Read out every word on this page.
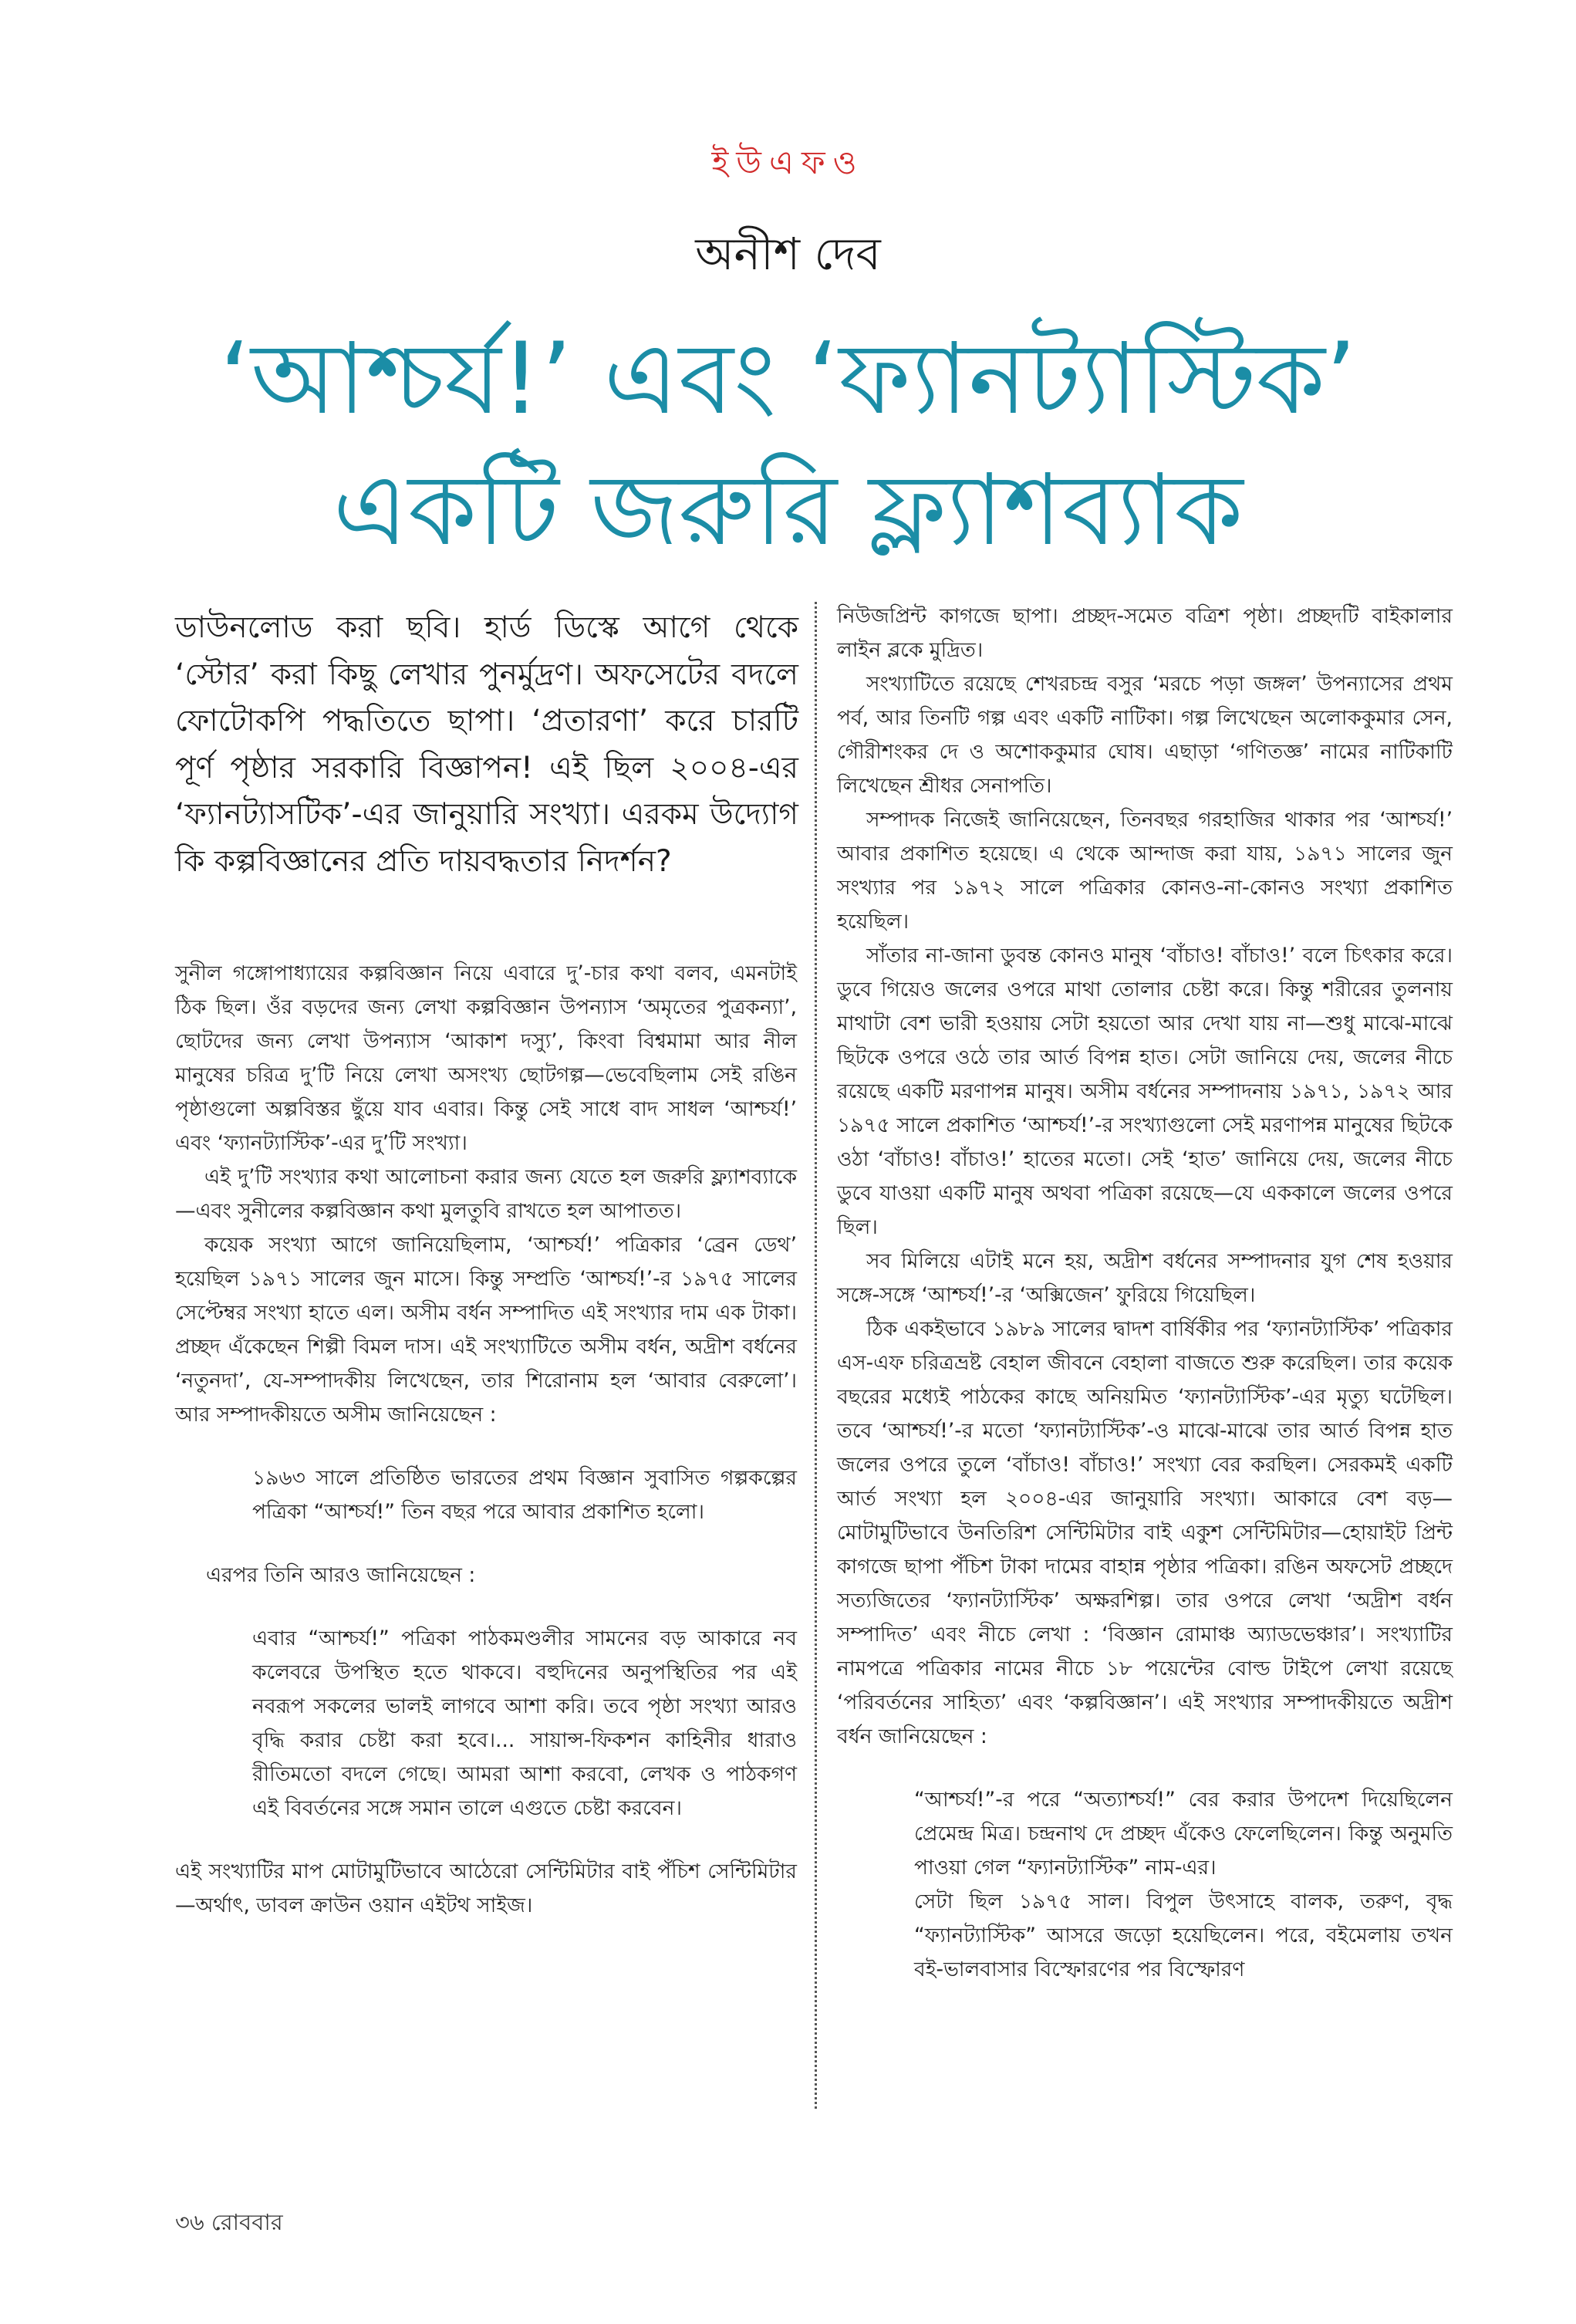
ইউএফও
অনীশ দেব
‘আশ্চর্য!’ এবং ‘ফ্যানট্যাস্টিক’
একটি জরুরি ফ্ল্যাশব্যাক
ডাউনলোড করা ছবি। হার্ড ডিস্কে আগে থেকে ‘স্টোর’ করা কিছু লেখার পুনর্মুদ্রণ। অফসেটের বদলে ফোটোকপি পদ্ধতিতে ছাপা। ‘প্রতারণা’ করে চারটি পূর্ণ পৃষ্ঠার সরকারি বিজ্ঞাপন! এই ছিল ২০০৪-এর ‘ফ্যানট্যাসটিক’-এর জানুয়ারি সংখ্যা। এরকম উদ্যোগ কি কল্পবিজ্ঞানের প্রতি দায়বদ্ধতার নিদর্শন?

সুনীল গঙ্গোপাধ্যায়ের কল্পবিজ্ঞান নিয়ে এবারে দু’-চার কথা বলব, এমনটাই ঠিক ছিল। ওঁর বড়দের জন্য লেখা কল্পবিজ্ঞান উপন্যাস ‘অমৃতের পুত্রকন্যা’, ছোটদের জন্য লেখা উপন্যাস ‘আকাশ দস্যু’, কিংবা বিশ্বমামা আর নীল মানুষের চরিত্র দু’টি নিয়ে লেখা অসংখ্য ছোটগল্প—ভেবেছিলাম সেই রঙিন পৃষ্ঠাগুলো অল্পবিস্তর ছুঁয়ে যাব এবার। কিন্তু সেই সাধে বাদ সাধল ‘আশ্চর্য!’ এবং ‘ফ্যানট্যাস্টিক’-এর দু’টি সংখ্যা।

এই দু’টি সংখ্যার কথা আলোচনা করার জন্য যেতে হল জরুরি ফ্ল্যাশব্যাকে—এবং সুনীলের কল্পবিজ্ঞান কথা মুলতুবি রাখতে হল আপাতত।

কয়েক সংখ্যা আগে জানিয়েছিলাম, ‘আশ্চর্য!’ পত্রিকার ‘ব্রেন ডেথ’ হয়েছিল ১৯৭১ সালের জুন মাসে। কিন্তু সম্প্রতি ‘আশ্চর্য!’-র ১৯৭৫ সালের সেপ্টেম্বর সংখ্যা হাতে এল। অসীম বর্ধন সম্পাদিত এই সংখ্যার দাম এক টাকা। প্রচ্ছদ এঁকেছেন শিল্পী বিমল দাস। এই সংখ্যাটিতে অসীম বর্ধন, অদ্রীশ বর্ধনের ‘নতুনদা’, যে-সম্পাদকীয় লিখেছেন, তার শিরোনাম হল ‘আবার বেরুলো’। আর সম্পাদকীয়তে অসীম জানিয়েছেন :

১৯৬৩ সালে প্রতিষ্ঠিত ভারতের প্রথম বিজ্ঞান সুবাসিত গল্পকল্পের পত্রিকা “আশ্চর্য!” তিন বছর পরে আবার প্রকাশিত হলো।

এরপর তিনি আরও জানিয়েছেন :

এবার “আশ্চর্য!” পত্রিকা পাঠকমণ্ডলীর সামনের বড় আকারে নব কলেবরে উপস্থিত হতে থাকবে। বহুদিনের অনুপস্থিতির পর এই নবরূপ সকলের ভালই লাগবে আশা করি। তবে পৃষ্ঠা সংখ্যা আরও বৃদ্ধি করার চেষ্টা করা হবে।... সায়ান্স-ফিকশন কাহিনীর ধারাও রীতিমতো বদলে গেছে। আমরা আশা করবো, লেখক ও পাঠকগণ এই বিবর্তনের সঙ্গে সমান তালে এগুতে চেষ্টা করবেন।

এই সংখ্যাটির মাপ মোটামুটিভাবে আঠেরো সেন্টিমিটার বাই পঁচিশ সেন্টিমিটার—অর্থাৎ, ডাবল ক্রাউন ওয়ান এইটথ সাইজ।

নিউজপ্রিন্ট কাগজে ছাপা। প্রচ্ছদ-সমেত বত্রিশ পৃষ্ঠা। প্রচ্ছদটি বাইকালার লাইন ব্লকে মুদ্রিত।

সংখ্যাটিতে রয়েছে শেখরচন্দ্র বসুর ‘মরচে পড়া জঙ্গল’ উপন্যাসের প্রথম পর্ব, আর তিনটি গল্প এবং একটি নাটিকা। গল্প লিখেছেন অলোককুমার সেন, গৌরীশংকর দে ও অশোককুমার ঘোষ। এছাড়া ‘গণিতজ্ঞ’ নামের নাটিকাটি লিখেছেন শ্রীধর সেনাপতি।

সম্পাদক নিজেই জানিয়েছেন, তিনবছর গরহাজির থাকার পর ‘আশ্চর্য!’ আবার প্রকাশিত হয়েছে। এ থেকে আন্দাজ করা যায়, ১৯৭১ সালের জুন সংখ্যার পর ১৯৭২ সালে পত্রিকার কোনও-না-কোনও সংখ্যা প্রকাশিত হয়েছিল।

সাঁতার না-জানা ডুবন্ত কোনও মানুষ ‘বাঁচাও! বাঁচাও!’ বলে চিৎকার করে। ডুবে গিয়েও জলের ওপরে মাথা তোলার চেষ্টা করে। কিন্তু শরীরের তুলনায় মাথাটা বেশ ভারী হওয়ায় সেটা হয়তো আর দেখা যায় না—শুধু মাঝে-মাঝে ছিটকে ওপরে ওঠে তার আর্ত বিপন্ন হাত। সেটা জানিয়ে দেয়, জলের নীচে রয়েছে একটি মরণাপন্ন মানুষ। অসীম বর্ধনের সম্পাদনায় ১৯৭১, ১৯৭২ আর ১৯৭৫ সালে প্রকাশিত ‘আশ্চর্য!’-র সংখ্যাগুলো সেই মরণাপন্ন মানুষের ছিটকে ওঠা ‘বাঁচাও! বাঁচাও!’ হাতের মতো। সেই ‘হাত’ জানিয়ে দেয়, জলের নীচে ডুবে যাওয়া একটি মানুষ অথবা পত্রিকা রয়েছে—যে এককালে জলের ওপরে ছিল।

সব মিলিয়ে এটাই মনে হয়, অদ্রীশ বর্ধনের সম্পাদনার যুগ শেষ হওয়ার সঙ্গে-সঙ্গে ‘আশ্চর্য!’-র ‘অক্সিজেন’ ফুরিয়ে গিয়েছিল।

ঠিক একইভাবে ১৯৮৯ সালের দ্বাদশ বার্ষিকীর পর ‘ফ্যানট্যাস্টিক’ পত্রিকার এস-এফ চরিত্রভ্রষ্ট বেহাল জীবনে বেহালা বাজতে শুরু করেছিল। তার কয়েক বছরের মধ্যেই পাঠকের কাছে অনিয়মিত ‘ফ্যানট্যাস্টিক’-এর মৃত্যু ঘটেছিল। তবে ‘আশ্চর্য!’-র মতো ‘ফ্যানট্যাস্টিক’-ও মাঝে-মাঝে তার আর্ত বিপন্ন হাত জলের ওপরে তুলে ‘বাঁচাও! বাঁচাও!’ সংখ্যা বের করছিল। সেরকমই একটি আর্ত সংখ্যা হল ২০০৪-এর জানুয়ারি সংখ্যা। আকারে বেশ বড়—মোটামুটিভাবে উনতিরিশ সেন্টিমিটার বাই একুশ সেন্টিমিটার—হোয়াইট প্রিন্ট কাগজে ছাপা পঁচিশ টাকা দামের বাহান্ন পৃষ্ঠার পত্রিকা। রঙিন অফসেট প্রচ্ছদে সত্যজিতের ‘ফ্যানট্যাস্টিক’ অক্ষরশিল্প। তার ওপরে লেখা ‘অদ্রীশ বর্ধন সম্পাদিত’ এবং নীচে লেখা : ‘বিজ্ঞান রোমাঞ্চ অ্যাডভেঞ্চার’। সংখ্যাটির নামপত্রে পত্রিকার নামের নীচে ১৮ পয়েন্টের বোল্ড টাইপে লেখা রয়েছে ‘পরিবর্তনের সাহিত্য’ এবং ‘কল্পবিজ্ঞান’। এই সংখ্যার সম্পাদকীয়তে অদ্রীশ বর্ধন জানিয়েছেন :

“আশ্চর্য!”-র পরে “অত্যাশ্চর্য!” বের করার উপদেশ দিয়েছিলেন প্রেমেন্দ্র মিত্র। চন্দ্রনাথ দে প্রচ্ছদ এঁকেও ফেলেছিলেন। কিন্তু অনুমতি পাওয়া গেল “ফ্যানট্যাস্টিক” নাম-এর।

সেটা ছিল ১৯৭৫ সাল। বিপুল উৎসাহে বালক, তরুণ, বৃদ্ধ “ফ্যানট্যাস্টিক” আসরে জড়ো হয়েছিলেন। পরে, বইমেলায় তখন বই-ভালবাসার বিস্ফোরণের পর বিস্ফোরণ

৩৬ রোববার
